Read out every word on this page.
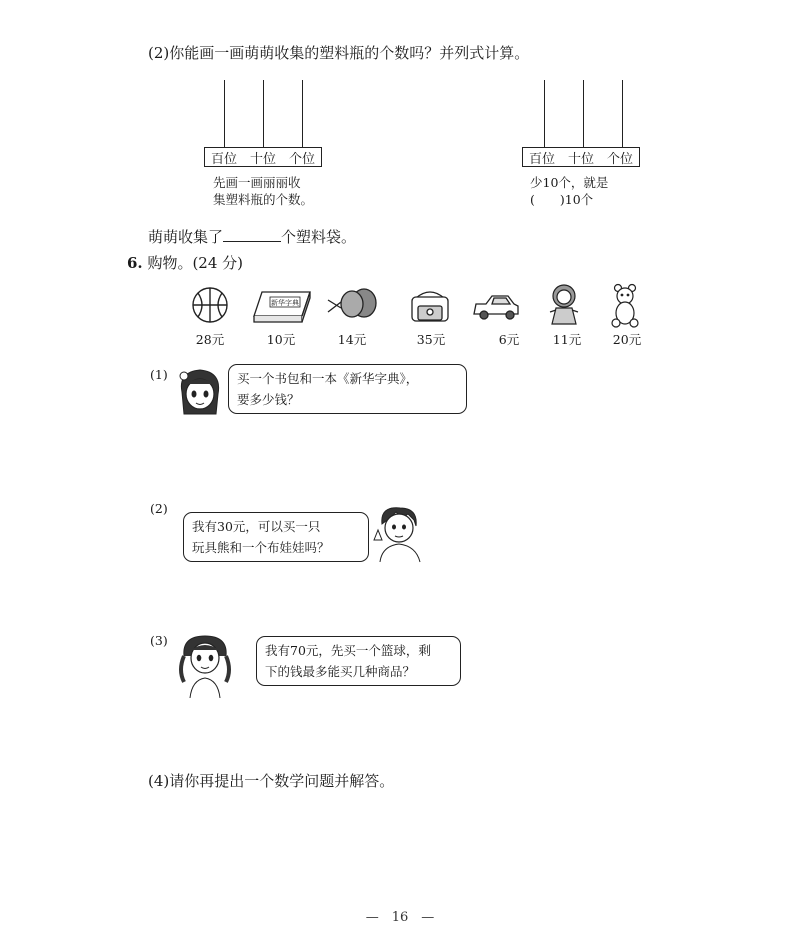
(2)你能画一画萌萌收集的塑料瓶的个数吗？并列式计算。
百位 十位 个位
先画一画丽丽收
集塑料瓶的个数。
百位 十位 个位
少10个，就是
(　　)10个
萌萌收集了	个塑料袋。
6. 购物。(24 分)
新华字典
28元	10元	14元	35元	6元	11元	20元
(1)	买一个书包和一本《新华字典》，
要多少钱？
(2)
我有30元，可以买一只
玩具熊和一个布娃娃吗？
(3)
我有70元，先买一个篮球，剩
下的钱最多能买几种商品？
(4)请你再提出一个数学问题并解答。
—　16　—
